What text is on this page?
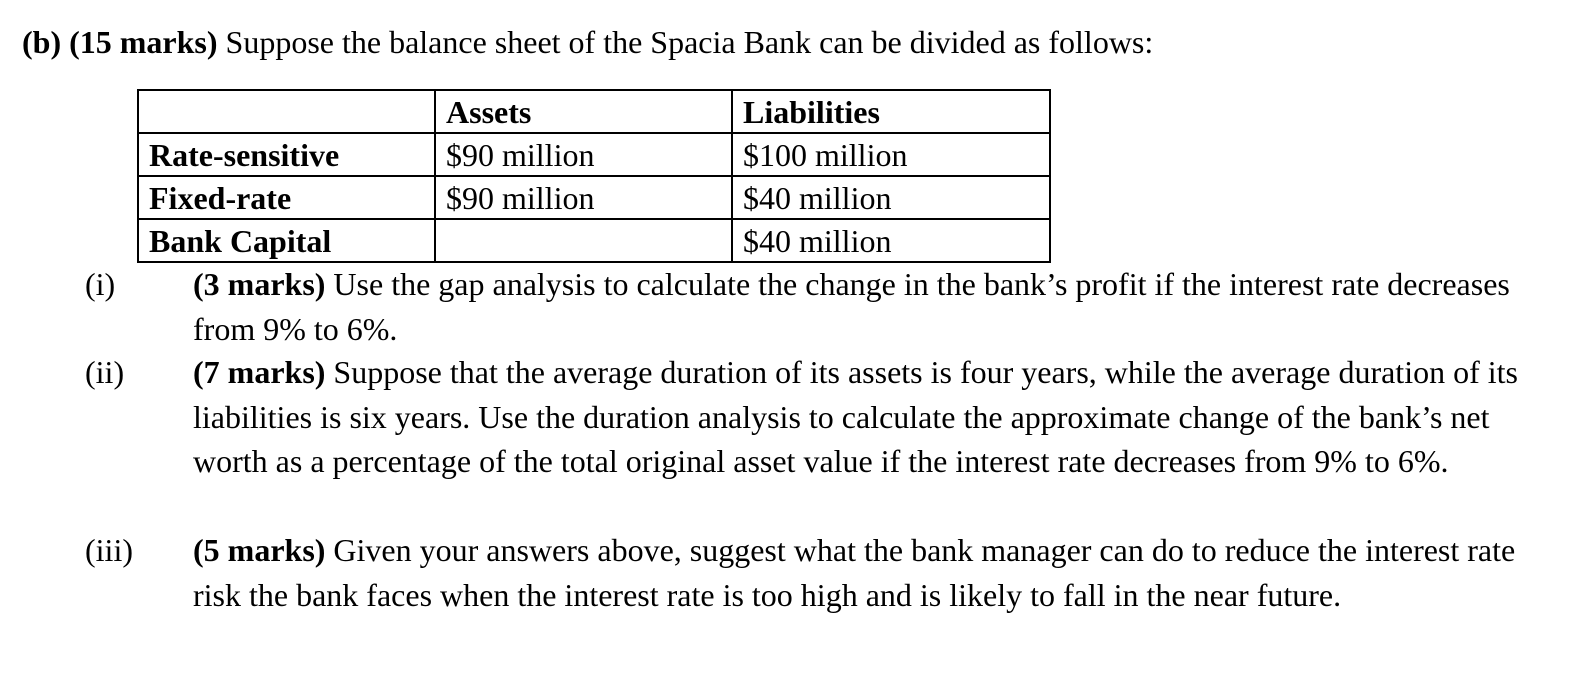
(b) (15 marks) Suppose the balance sheet of the Spacia Bank can be divided as follows:
	Assets	Liabilities
Rate-sensitive	$90 million	$100 million
Fixed-rate	$90 million	$40 million
Bank Capital		$40 million
(i) (3 marks) Use the gap analysis to calculate the change in the bank’s profit if the interest rate decreases from 9% to 6%.
(ii) (7 marks) Suppose that the average duration of its assets is four years, while the average duration of its liabilities is six years. Use the duration analysis to calculate the approximate change of the bank’s net worth as a percentage of the total original asset value if the interest rate decreases from 9% to 6%.
(iii) (5 marks) Given your answers above, suggest what the bank manager can do to reduce the interest rate risk the bank faces when the interest rate is too high and is likely to fall in the near future.
